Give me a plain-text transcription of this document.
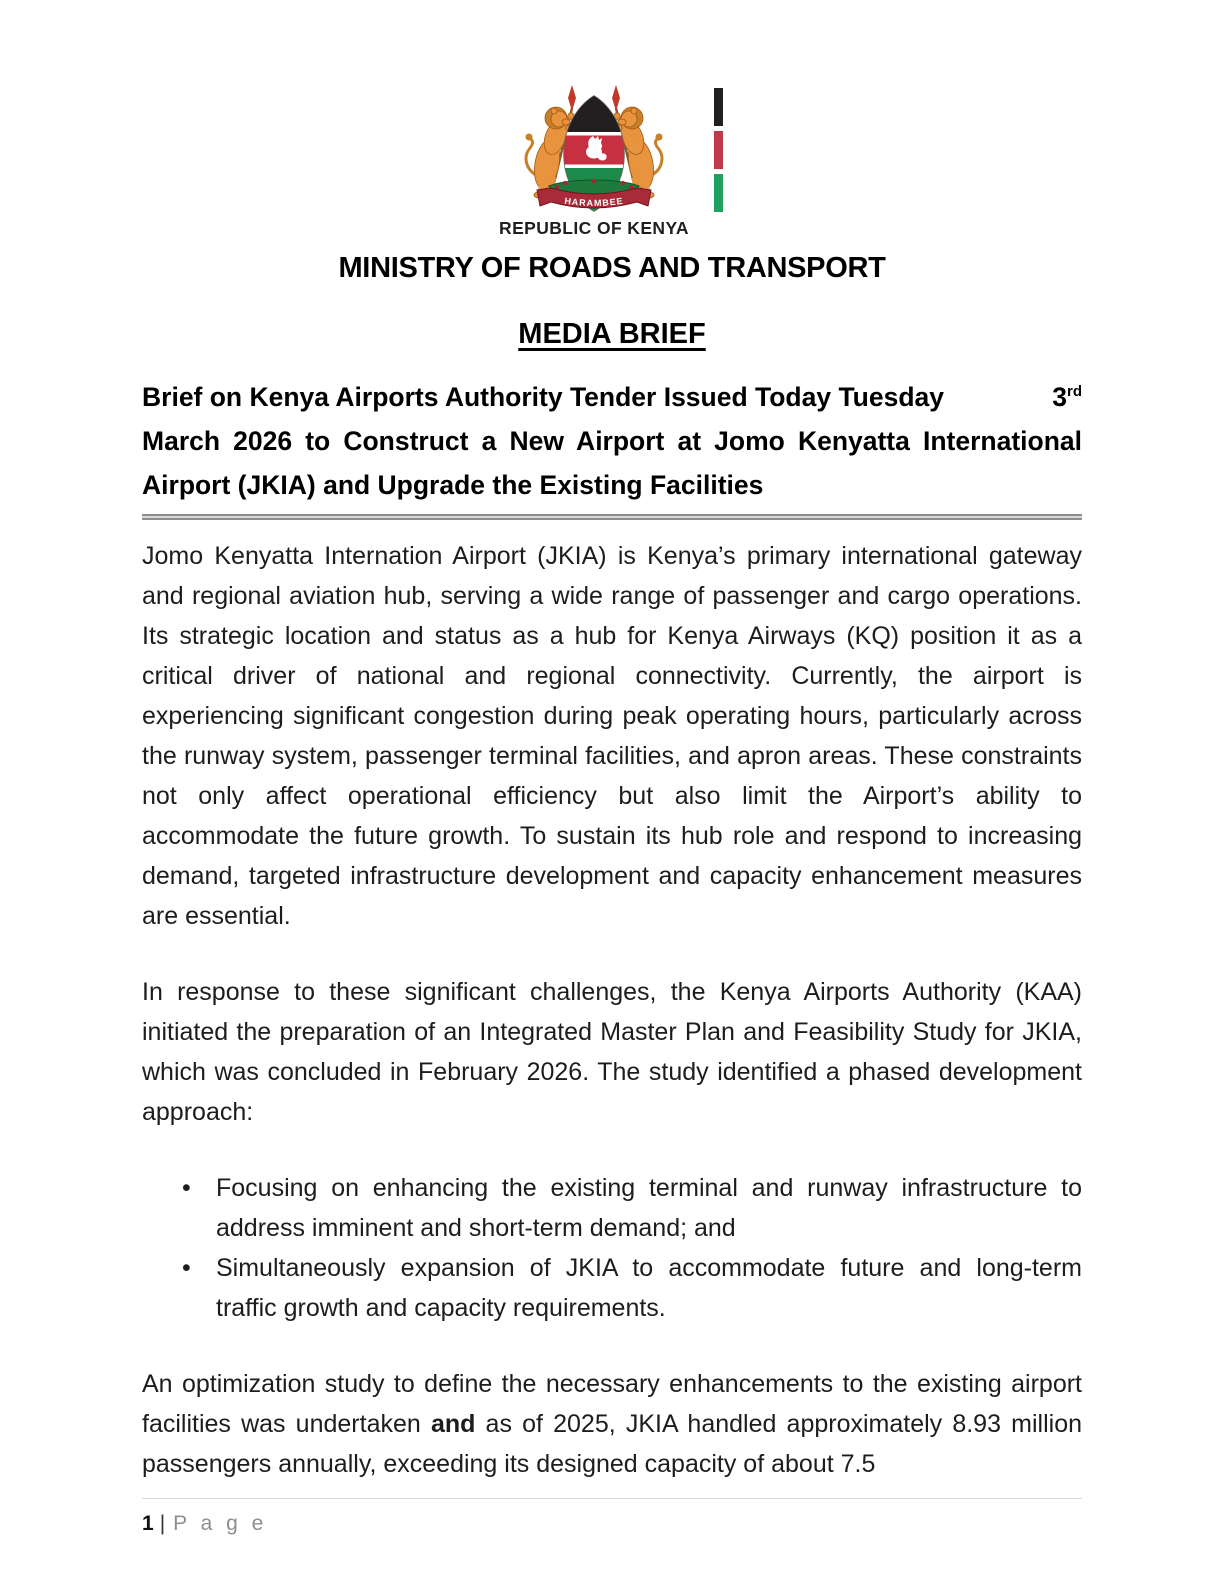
HARAMBEE
REPUBLIC OF KENYA
MINISTRY OF ROADS AND TRANSPORT
MEDIA BRIEF
Brief on Kenya Airports Authority Tender Issued Today Tuesday	3rd
March 2026 to Construct a New Airport at Jomo Kenyatta International Airport (JKIA) and Upgrade the Existing Facilities

Jomo Kenyatta Internation Airport (JKIA) is Kenya’s primary international gateway and regional aviation hub, serving a wide range of passenger and cargo operations. Its strategic location and status as a hub for Kenya Airways (KQ) position it as a critical driver of national and regional connectivity. Currently, the airport is experiencing significant congestion during peak operating hours, particularly across the runway system, passenger terminal facilities, and apron areas. These constraints not only affect operational efficiency but also limit the Airport’s ability to accommodate the future growth. To sustain its hub role and respond to increasing demand, targeted infrastructure development and capacity enhancement measures are essential.

In response to these significant challenges, the Kenya Airports Authority (KAA) initiated the preparation of an Integrated Master Plan and Feasibility Study for JKIA, which was concluded in February 2026. The study identified a phased development approach:

•	Focusing on enhancing the existing terminal and runway infrastructure to address imminent and short-term demand; and
•	Simultaneously expansion of JKIA to accommodate future and long-term traffic growth and capacity requirements.

An optimization study to define the necessary enhancements to the existing airport facilities was undertaken and as of 2025, JKIA handled approximately 8.93 million passengers annually, exceeding its designed capacity of about 7.5

1 | P a g e
